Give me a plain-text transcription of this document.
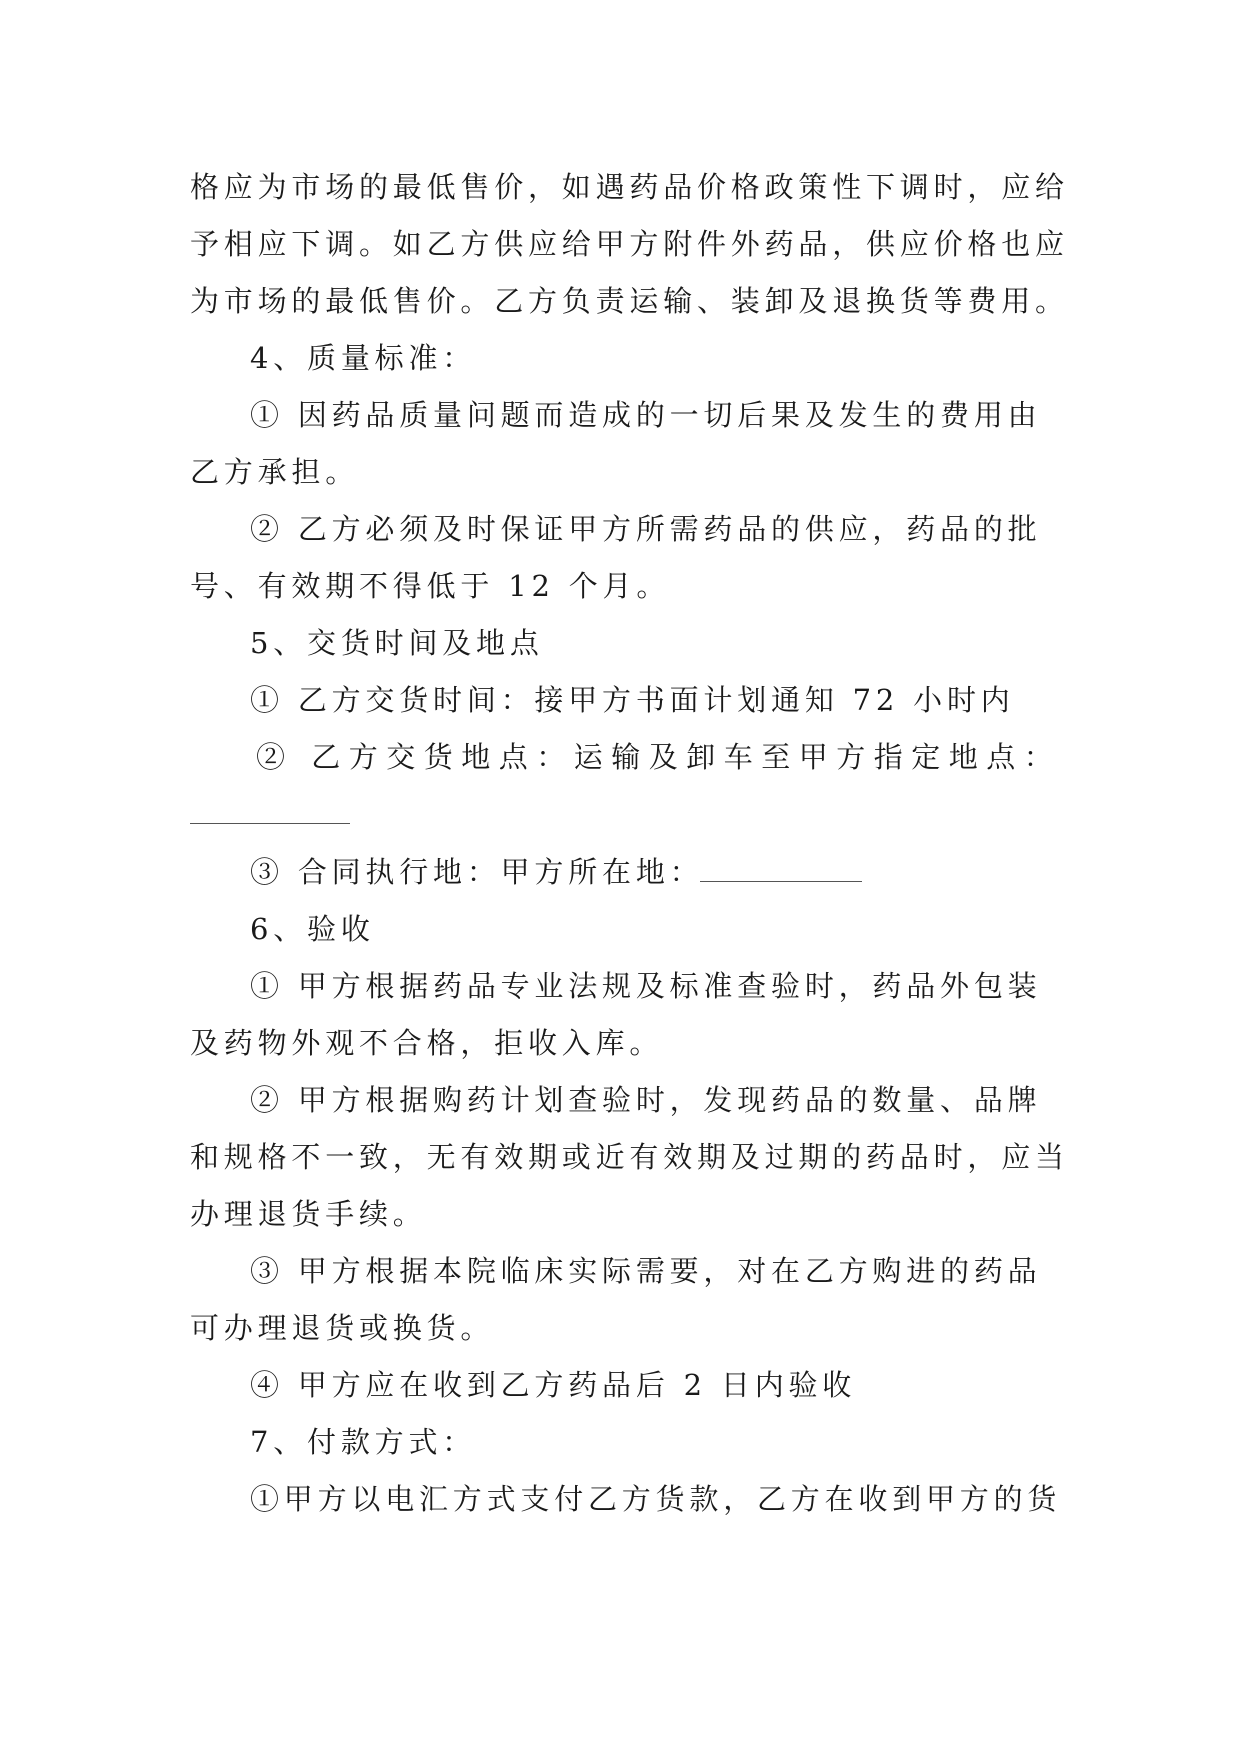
格应为市场的最低售价，如遇药品价格政策性下调时，应给
予相应下调。如乙方供应给甲方附件外药品，供应价格也应
为市场的最低售价。乙方负责运输、装卸及退换货等费用。
4、质量标准：
① 因药品质量问题而造成的一切后果及发生的费用由
乙方承担。
② 乙方必须及时保证甲方所需药品的供应，药品的批
号、有效期不得低于 12 个月。
5、交货时间及地点
① 乙方交货时间：接甲方书面计划通知 72 小时内
② 乙方交货地点：运输及卸车至甲方指定地点：
③ 合同执行地：甲方所在地：
6、验收
① 甲方根据药品专业法规及标准查验时，药品外包装
及药物外观不合格，拒收入库。
② 甲方根据购药计划查验时，发现药品的数量、品牌
和规格不一致，无有效期或近有效期及过期的药品时，应当
办理退货手续。
③ 甲方根据本院临床实际需要，对在乙方购进的药品
可办理退货或换货。
④ 甲方应在收到乙方药品后 2 日内验收
7、付款方式：
①甲方以电汇方式支付乙方货款，乙方在收到甲方的货
